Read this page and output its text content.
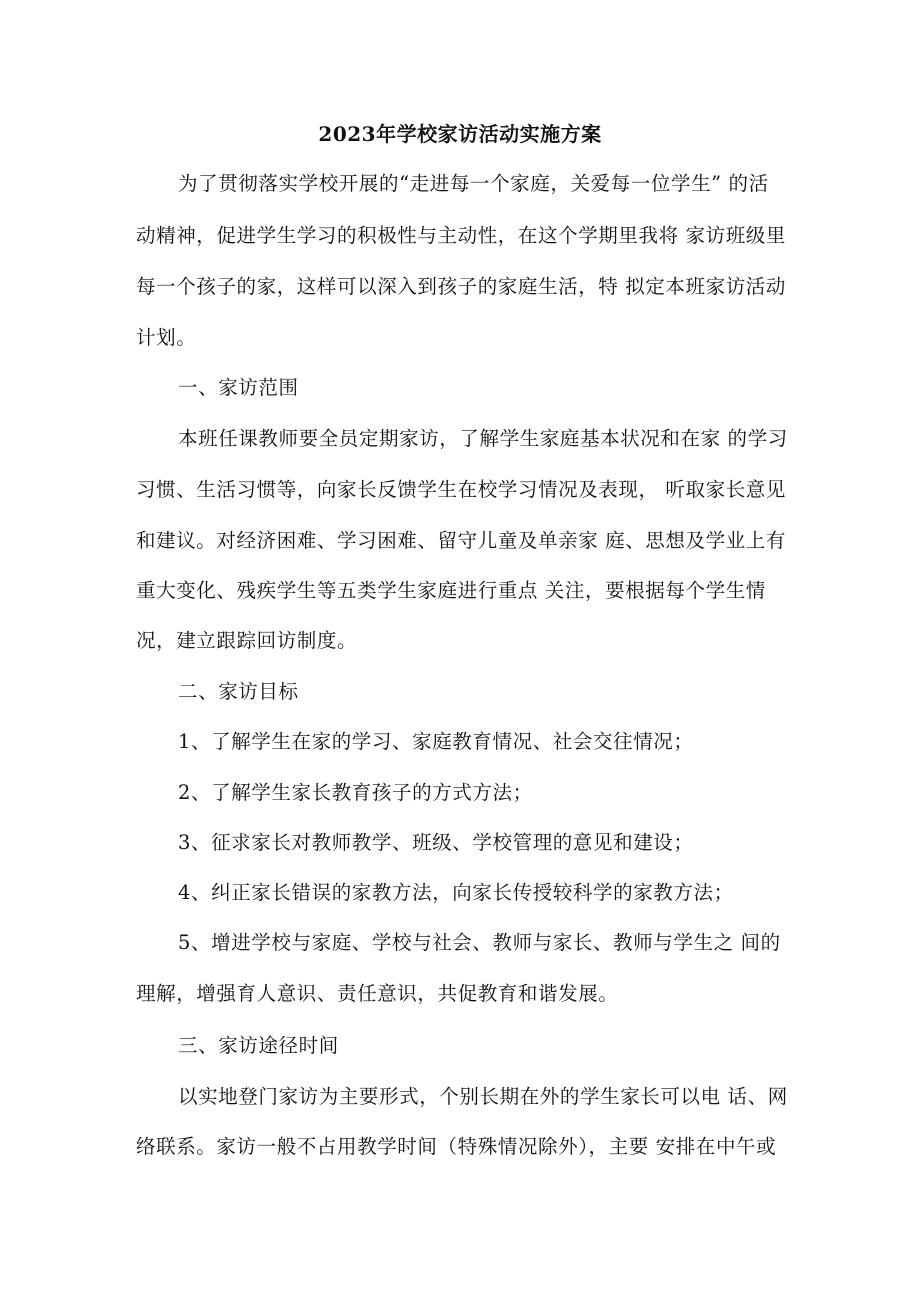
2023年学校家访活动实施方案
为了贯彻落实学校开展的“走进每一个家庭，关爱每一位学生” 的活
动精神，促进学生学习的积极性与主动性，在这个学期里我将 家访班级里
每一个孩子的家，这样可以深入到孩子的家庭生活，特 拟定本班家访活动
计划。
一、家访范围
本班任课教师要全员定期家访，了解学生家庭基本状况和在家 的学习
习惯、生活习惯等，向家长反馈学生在校学习情况及表现， 听取家长意见
和建议。对经济困难、学习困难、留守儿童及单亲家 庭、思想及学业上有
重大变化、残疾学生等五类学生家庭进行重点 关注，要根据每个学生情
况，建立跟踪回访制度。
二、家访目标
1、了解学生在家的学习、家庭教育情况、社会交往情况；
2、了解学生家长教育孩子的方式方法；
3、征求家长对教师教学、班级、学校管理的意见和建设；
4、纠正家长错误的家教方法，向家长传授较科学的家教方法；
5、增进学校与家庭、学校与社会、教师与家长、教师与学生之 间的
理解，增强育人意识、责任意识，共促教育和谐发展。
三、家访途径时间
以实地登门家访为主要形式，个别长期在外的学生家长可以电 话、网
络联系。家访一般不占用教学时间（特殊情况除外），主要 安排在中午或
